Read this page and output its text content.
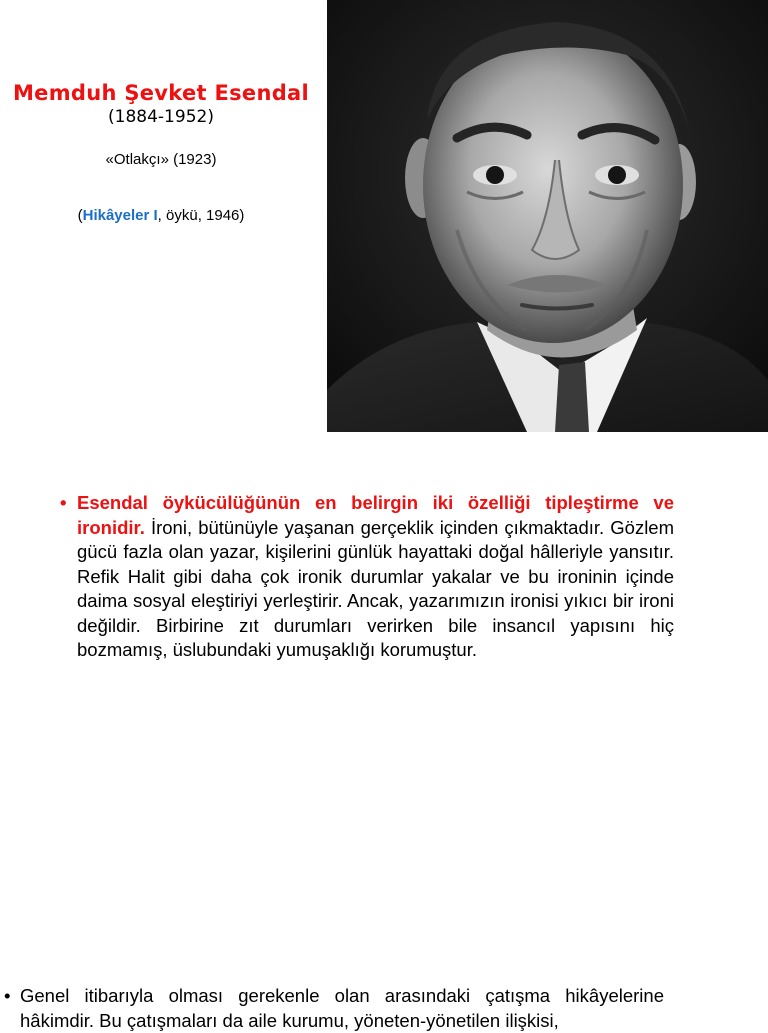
Memduh Şevket Esendal
(1884-1952)
«Otlakçı» (1923)
(Hikâyeler I, öykü, 1946)
• Esendal öykücülüğünün en belirgin iki özelliği tipleştirme ve ironidir. İroni, bütünüyle yaşanan gerçeklik içinden çıkmaktadır. Gözlem gücü fazla olan yazar, kişilerini günlük hayattaki doğal hâlleriyle yansıtır. Refik Halit gibi daha çok ironik durumlar yakalar ve bu ironinin içinde daima sosyal eleştiriyi yerleştirir. Ancak, yazarımızın ironisi yıkıcı bir ironi değildir. Birbirine zıt durumları verirken bile insancıl yapısını hiç bozmamış, üslubundaki yumuşaklığı korumuştur.
• Genel itibarıyla olması gerekenle olan arasındaki çatışma hikâyelerine hâkimdir. Bu çatışmaları da aile kurumu, yöneten-yönetilen ilişkisi,
